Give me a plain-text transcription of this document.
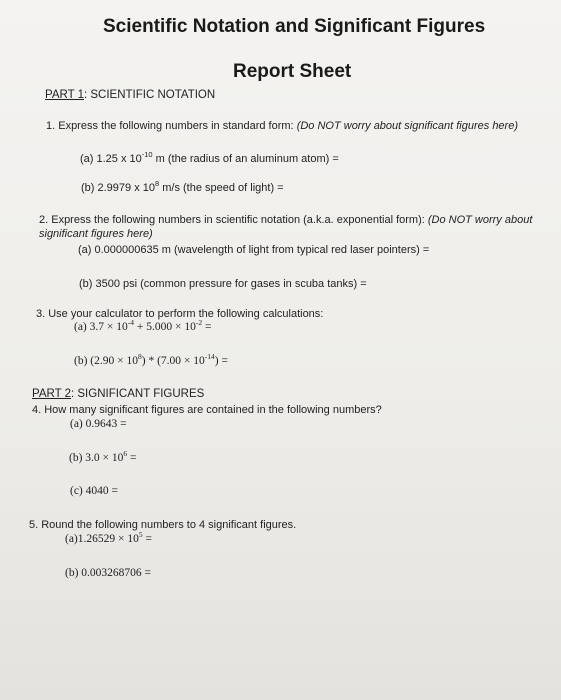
Scientific Notation and Significant Figures
Report Sheet
PART 1: SCIENTIFIC NOTATION
1. Express the following numbers in standard form: (Do NOT worry about significant figures here)
(a) 1.25 x $10^{-10}$ m (the radius of an aluminum atom) =
(b) 2.9979 x $10^8$ m/s (the speed of light) =
2. Express the following numbers in scientific notation (a.k.a. exponential form): (Do NOT worry about significant figures here)
(a) 0.000000635 m (wavelength of light from typical red laser pointers) =
(b) 3500 psi (common pressure for gases in scuba tanks) =
3. Use your calculator to perform the following calculations:
(a) $3.7 \times 10^{-4} + 5.000 \times 10^{-2}$ =
(b) $(2.90 \times 10^8) * (7.00 \times 10^{-14})$ =
PART 2: SIGNIFICANT FIGURES
4. How many significant figures are contained in the following numbers?
(a) 0.9643 =
(b) $3.0 \times 10^6$ =
(c) 4040 =
5. Round the following numbers to 4 significant figures.
$(a)1.26529 \times 10^5$ =
(b) 0.003268706 =
